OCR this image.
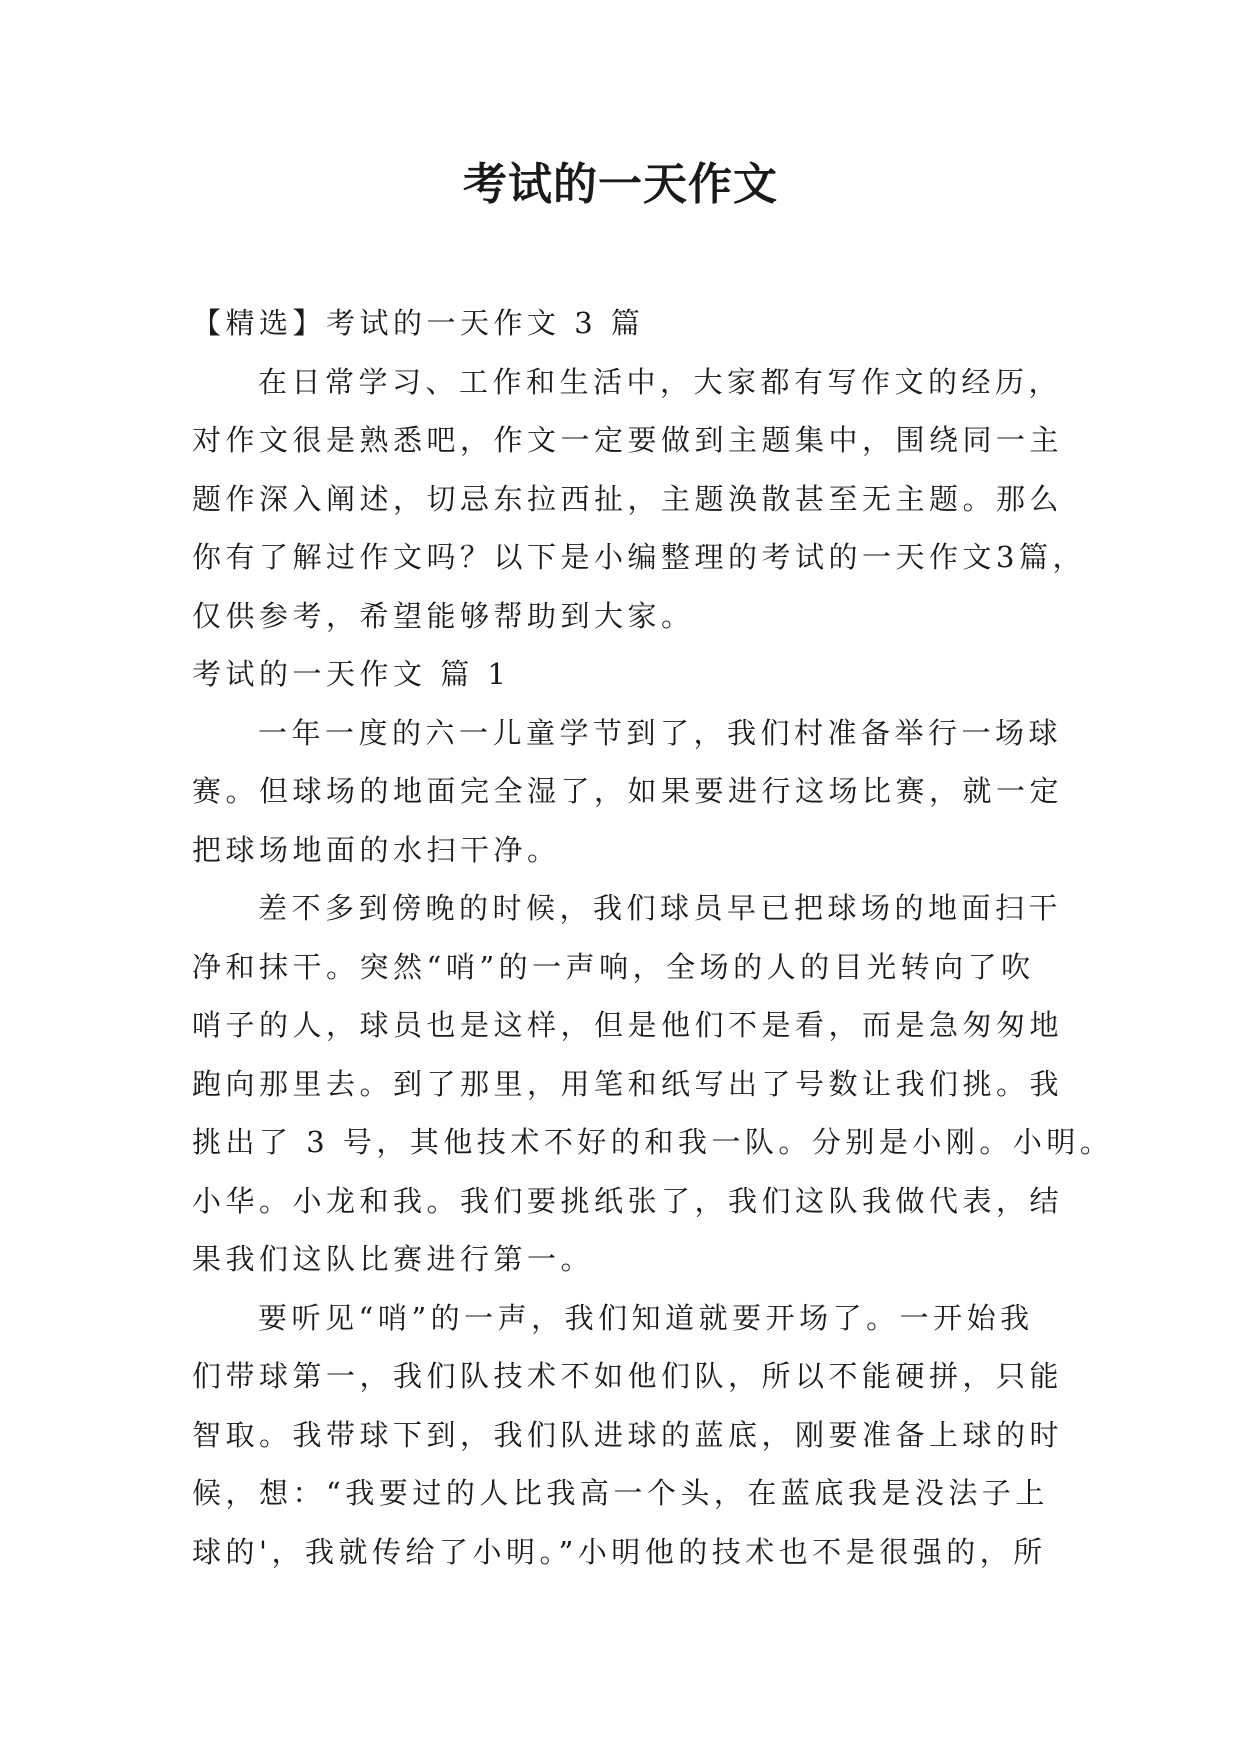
考试的一天作文
【精选】考试的一天作文 3 篇
在日常学习、工作和生活中，大家都有写作文的经历，
对作文很是熟悉吧，作文一定要做到主题集中，围绕同一主
题作深入阐述，切忌东拉西扯，主题涣散甚至无主题。那么
你有了解过作文吗？以下是小编整理的考试的一天作文3篇，
仅供参考，希望能够帮助到大家。
考试的一天作文 篇 1
一年一度的六一儿童学节到了，我们村准备举行一场球
赛。但球场的地面完全湿了，如果要进行这场比赛，就一定
把球场地面的水扫干净。
差不多到傍晚的时候，我们球员早已把球场的地面扫干
净和抹干。突然“哨”的一声响，全场的人的目光转向了吹
哨子的人，球员也是这样，但是他们不是看，而是急匆匆地
跑向那里去。到了那里，用笔和纸写出了号数让我们挑。我
挑出了 3 号，其他技术不好的和我一队。分别是小刚。小明。
小华。小龙和我。我们要挑纸张了，我们这队我做代表，结
果我们这队比赛进行第一。
要听见“哨”的一声，我们知道就要开场了。一开始我
们带球第一，我们队技术不如他们队，所以不能硬拼，只能
智取。我带球下到，我们队进球的蓝底，刚要准备上球的时
候，想：“我要过的人比我高一个头，在蓝底我是没法子上
球的'，我就传给了小明。”小明他的技术也不是很强的，所
